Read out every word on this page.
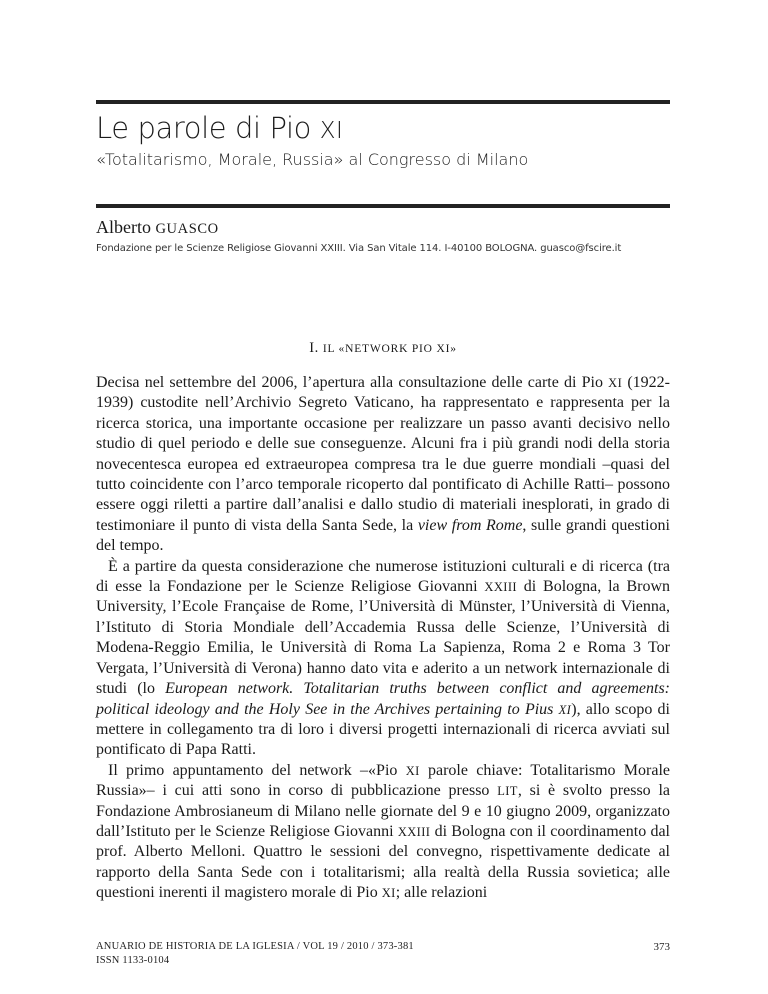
Le parole di Pio XI
«Totalitarismo, Morale, Russia» al Congresso di Milano
Alberto GUASCO
Fondazione per le Scienze Religiose Giovanni XXIII. Via San Vitale 114. I-40100 BOLOGNA. guasco@fscire.it
I. IL «NETWORK PIO XI»

Decisa nel settembre del 2006, l’apertura alla consultazione delle carte di Pio XI (1922-1939) custodite nell’Archivio Segreto Vaticano, ha rappresentato e rappresenta per la ricerca storica, una importante occasione per realizzare un passo avanti decisivo nello studio di quel periodo e delle sue conseguenze. Alcuni fra i più grandi nodi della storia novecentesca europea ed extraeuropea compresa tra le due guerre mondiali –quasi del tutto coincidente con l’arco temporale ricoperto dal pontificato di Achille Ratti– possono essere oggi riletti a partire dall’analisi e dallo studio di materiali inesplorati, in grado di testimoniare il punto di vista della Santa Sede, la view from Rome, sulle grandi questioni del tempo.

È a partire da questa considerazione che numerose istituzioni culturali e di ricerca (tra di esse la Fondazione per le Scienze Religiose Giovanni XXIII di Bologna, la Brown University, l’Ecole Française de Rome, l’Università di Münster, l’Università di Vienna, l’Istituto di Storia Mondiale dell’Accademia Russa delle Scienze, l’Università di Modena-Reggio Emilia, le Università di Roma La Sapienza, Roma 2 e Roma 3 Tor Vergata, l’Università di Verona) hanno dato vita e aderito a un network internazionale di studi (lo European network. Totalitarian truths between conflict and agreements: political ideology and the Holy See in the Archives pertaining to Pius XI), allo scopo di mettere in collegamento tra di loro i diversi progetti internazionali di ricerca avviati sul pontificato di Papa Ratti.

Il primo appuntamento del network –«Pio XI parole chiave: Totalitarismo Morale Russia»– i cui atti sono in corso di pubblicazione presso LIT, si è svolto presso la Fondazione Ambrosianeum di Milano nelle giornate del 9 e 10 giugno 2009, organizzato dall’Istituto per le Scienze Religiose Giovanni XXIII di Bologna con il coordinamento dal prof. Alberto Melloni. Quattro le sessioni del convegno, rispettivamente dedicate al rapporto della Santa Sede con i totalitarismi; alla realtà della Russia sovietica; alle questioni inerenti il magistero morale di Pio XI; alle relazioni

ANUARIO DE HISTORIA DE LA IGLESIA / VOL 19 / 2010 / 373-381
ISSN 1133-0104
373
